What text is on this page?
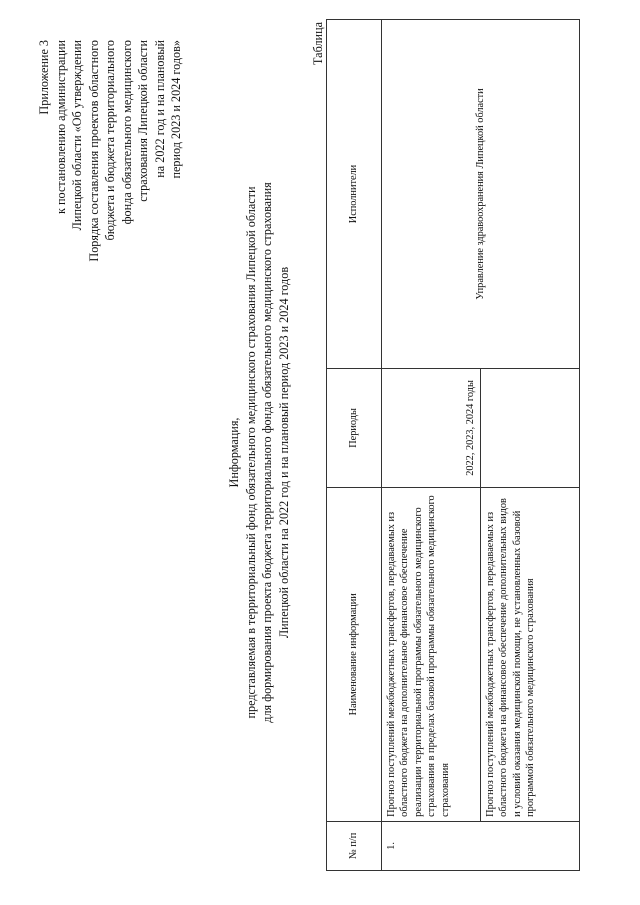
Приложение 3 к постановлению администрации Липецкой области «Об утверждении Порядка составления проектов областного бюджета и бюджета территориального фонда обязательного медицинского страхования Липецкой области на 2022 год и на плановый период 2023 и 2024 годов»
Информация, представляемая в территориальный фонд обязательного медицинского страхования Липецкой области для формирования проекта бюджета территориального фонда обязательного медицинского страхования Липецкой области на 2022 год и на плановый период 2023 и 2024 годов
Таблица
№ п/п	Наименование информации	Периоды	Исполнители
1.	Прогноз поступлений межбюджетных трансфертов, передаваемых из областного бюджета на дополнительное финансовое обеспечение реализации территориальной программы обязательного медицинского страхования в пределах базовой программы обязательного медицинского страхования	2022, 2023, 2024 годы	Управление здравоохранения Липецкой области
	Прогноз поступлений межбюджетных трансфертов, передаваемых из областного бюджета на финансовое обеспечение дополнительных видов и условий оказания медицинской помощи, не установленных базовой программой обязательного медицинского страхования		
